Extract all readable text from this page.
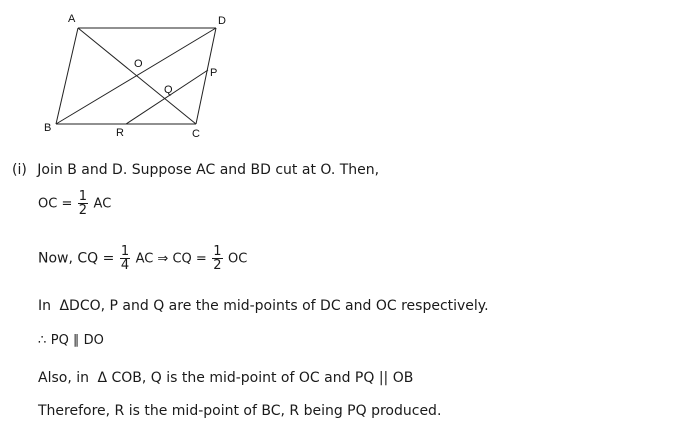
A	D
B	C
O
P
Q
R
(i) Join B and D. Suppose AC and BD cut at O. Then,
OC = $\frac{1}{2}$ AC
Now, CQ = $\frac{1}{4}$ AC ⇒ CQ = $\frac{1}{2}$ OC
In ΔDCO, P and Q are the mid-points of DC and OC respectively.
∴ PQ ∥ DO
Also, in Δ COB, Q is the mid-point of OC and PQ || OB
Therefore, R is the mid-point of BC, R being PQ produced.
